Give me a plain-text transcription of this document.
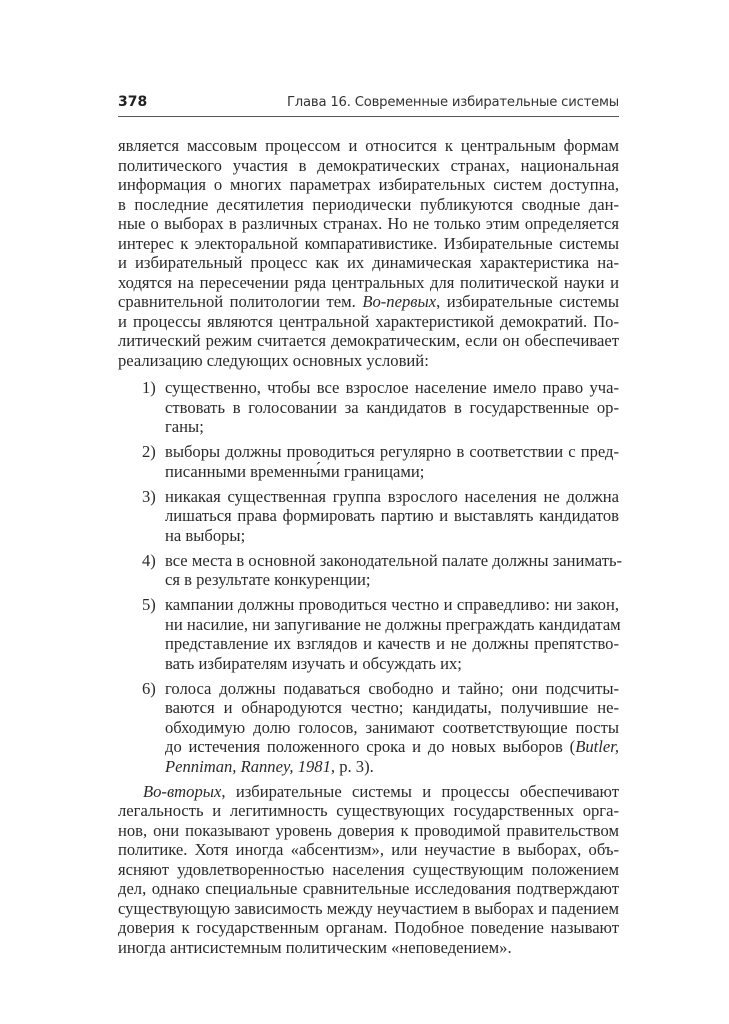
378	Глава 16. Современные избирательные системы
является массовым процессом и относится к центральным формам
политического участия в демократических странах, национальная
информация о многих параметрах избирательных систем доступна,
в последние десятилетия периодически публикуются сводные дан-
ные о выборах в различных странах. Но не только этим определяется
интерес к электоральной компаративистике. Избирательные системы
и избирательный процесс как их динамическая характеристика на-
ходятся на пересечении ряда центральных для политической науки и
сравнительной политологии тем. Во-первых, избирательные системы
и процессы являются центральной характеристикой демократий. По-
литический режим считается демократическим, если он обеспечивает
реализацию следующих основных условий:
1) существенно, чтобы все взрослое население имело право уча-
ствовать в голосовании за кандидатов в государственные ор-
ганы;
2) выборы должны проводиться регулярно в соответствии с пред-
писанными временны́ми границами;
3) никакая существенная группа взрослого населения не должна
лишаться права формировать партию и выставлять кандидатов
на выборы;
4) все места в основной законодательной палате должны занимать-
ся в результате конкуренции;
5) кампании должны проводиться честно и справедливо: ни закон,
ни насилие, ни запугивание не должны преграждать кандидатам
представление их взглядов и качеств и не должны препятство-
вать избирателям изучать и обсуждать их;
6) голоса должны подаваться свободно и тайно; они подсчиты-
ваются и обнародуются честно; кандидаты, получившие не-
обходимую долю голосов, занимают соответствующие посты
до истечения положенного срока и до новых выборов (Butler,
Penniman, Ranney, 1981, p. 3).
Во-вторых, избирательные системы и процессы обеспечивают
легальность и легитимность существующих государственных орга-
нов, они показывают уровень доверия к проводимой правительством
политике. Хотя иногда «абсентизм», или неучастие в выборах, объ-
ясняют удовлетворенностью населения существующим положением
дел, однако специальные сравнительные исследования подтверждают
существующую зависимость между неучастием в выборах и падением
доверия к государственным органам. Подобное поведение называют
иногда антисистемным политическим «неповедением».
